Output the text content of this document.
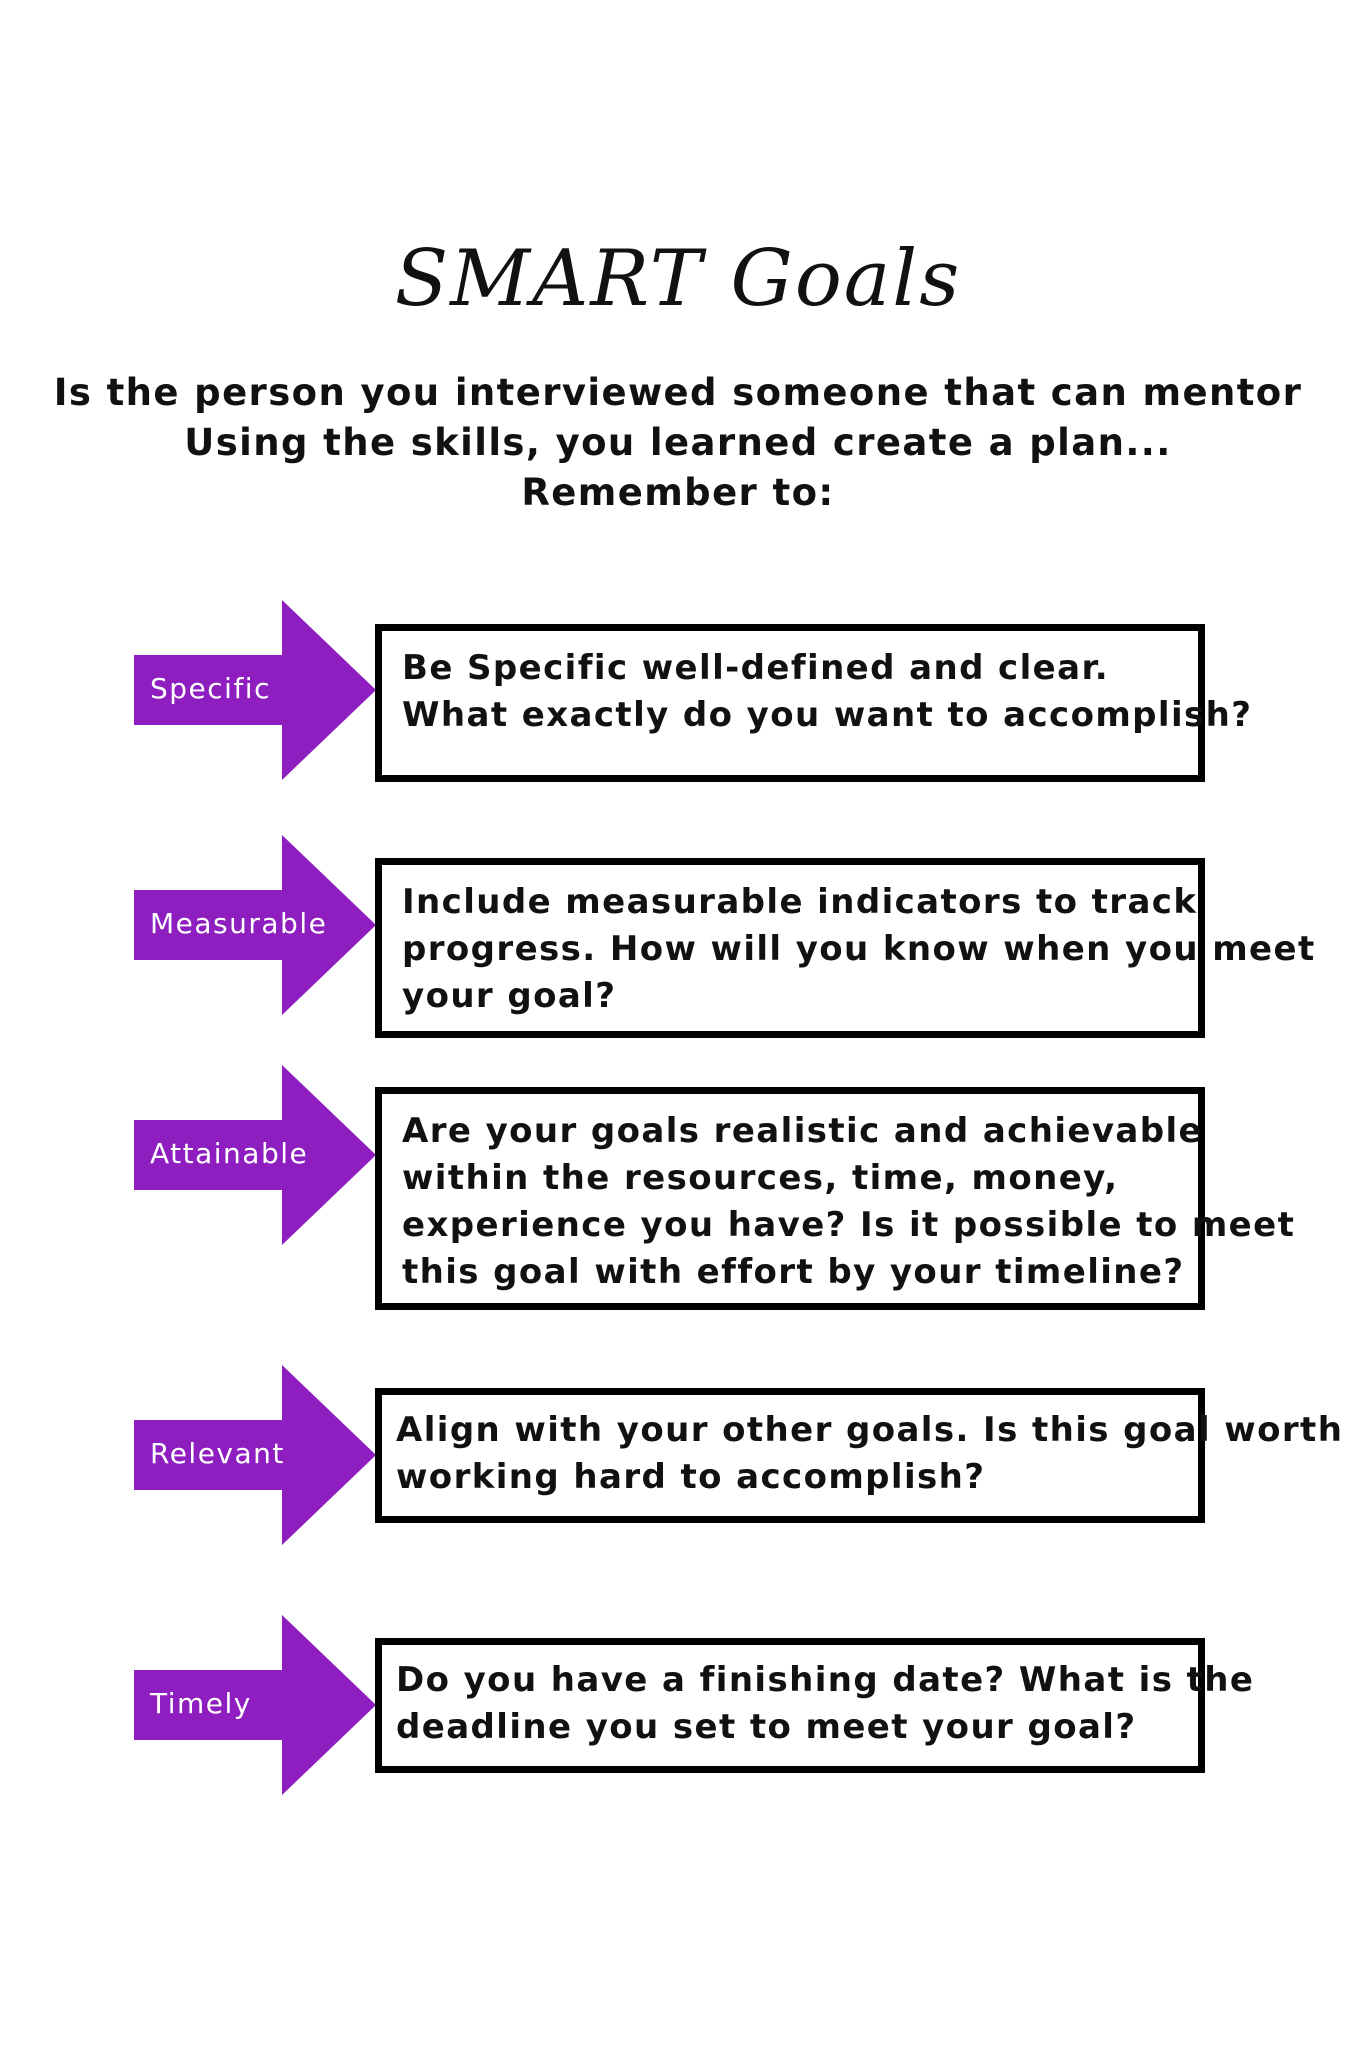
SMART Goals
Is the person you interviewed someone that can mentor
Using the skills, you learned create a plan...
Remember to:
Specific
Be Specific well-defined and clear.
What exactly do you want to accomplish?
Measurable
Include measurable indicators to track
progress. How will you know when you meet
your goal?
Attainable
Are your goals realistic and achievable
within the resources, time, money,
experience you have? Is it possible to meet
this goal with effort by your timeline?
Relevant
Align with your other goals. Is this goal worth
working hard to accomplish?
Timely
Do you have a finishing date? What is the
deadline you set to meet your goal?
